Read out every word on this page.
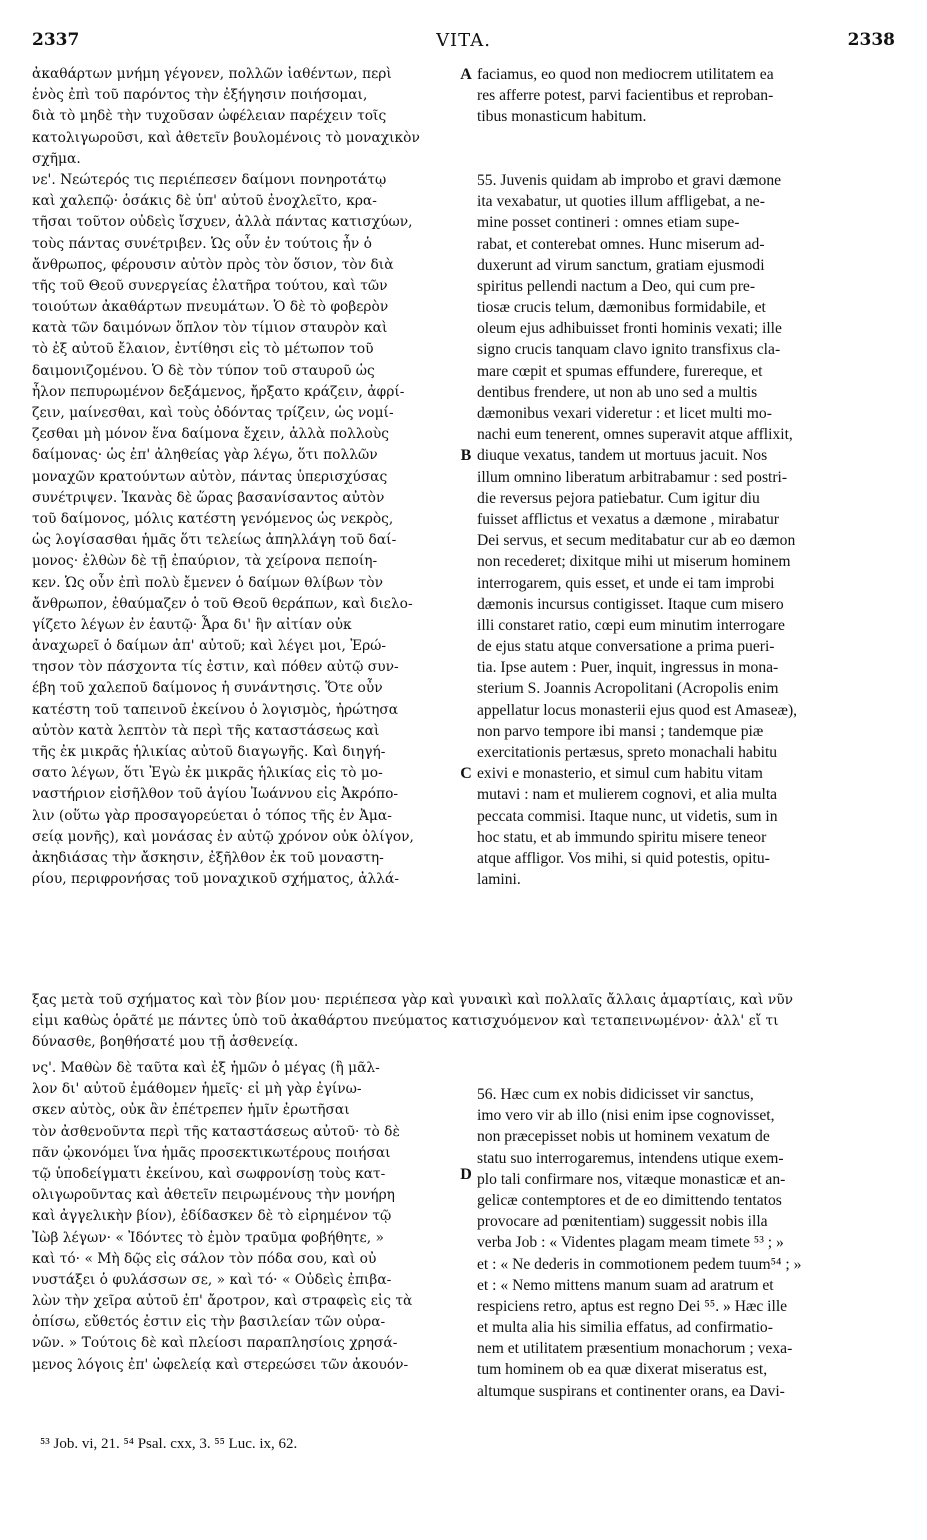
2337	VITA.	2338
ἀκαθάρτων μνήμη γέγονεν, πολλῶν ἰαθέντων, περὶ
ἑνὸς ἐπὶ τοῦ παρόντος τὴν ἐξήγησιν ποιήσομαι,
διὰ τὸ μηδὲ τὴν τυχοῦσαν ὠφέλειαν παρέχειν τοῖς
κατολιγωροῦσι, καὶ ἀθετεῖν βουλομένοις τὸ μοναχικὸν
σχῆμα.
νε'. Νεώτερός τις περιέπεσεν δαίμονι πονηροτάτῳ
καὶ χαλεπῷ· ὁσάκις δὲ ὑπ' αὐτοῦ ἐνοχλεῖτο, κρα-
τῆσαι τοῦτον οὐδεὶς ἴσχυεν, ἀλλὰ πάντας κατισχύων,
τοὺς πάντας συνέτριβεν. Ὡς οὖν ἐν τούτοις ἦν ὁ
ἄνθρωπος, φέρουσιν αὐτὸν πρὸς τὸν ὅσιον, τὸν διὰ
τῆς τοῦ Θεοῦ συνεργείας ἐλατῆρα τούτου, καὶ τῶν
τοιούτων ἀκαθάρτων πνευμάτων. Ὁ δὲ τὸ φοβερὸν
κατὰ τῶν δαιμόνων ὅπλον τὸν τίμιον σταυρὸν καὶ
τὸ ἐξ αὐτοῦ ἔλαιον, ἐντίθησι εἰς τὸ μέτωπον τοῦ
δαιμονιζομένου. Ὁ δὲ τὸν τύπον τοῦ σταυροῦ ὡς
ἧλον πεπυρωμένον δεξάμενος, ἤρξατο κράζειν, ἀφρί-
ζειν, μαίνεσθαι, καὶ τοὺς ὀδόντας τρίζειν, ὡς νομί-
ζεσθαι μὴ μόνον ἕνα δαίμονα ἔχειν, ἀλλὰ πολλοὺς
δαίμονας· ὡς ἐπ' ἀληθείας γὰρ λέγω, ὅτι πολλῶν
μοναχῶν κρατούντων αὐτὸν, πάντας ὑπερισχύσας
συνέτριψεν. Ἱκανὰς δὲ ὥρας βασανίσαντος αὐτὸν
τοῦ δαίμονος, μόλις κατέστη γενόμενος ὡς νεκρὸς,
ὡς λογίσασθαι ἡμᾶς ὅτι τελείως ἀπηλλάγη τοῦ δαί-
μονος· ἐλθὼν δὲ τῇ ἐπαύριον, τὰ χείρονα πεποίη-
κεν. Ὡς οὖν ἐπὶ πολὺ ἔμενεν ὁ δαίμων θλίβων τὸν
ἄνθρωπον, ἐθαύμαζεν ὁ τοῦ Θεοῦ θεράπων, καὶ διελο-
γίζετο λέγων ἐν ἑαυτῷ· Ἆρα δι' ἣν αἰτίαν οὐκ
ἀναχωρεῖ ὁ δαίμων ἀπ' αὐτοῦ; καὶ λέγει μοι, Ἐρώ-
τησον τὸν πάσχοντα τίς ἐστιν, καὶ πόθεν αὐτῷ συν-
έβη τοῦ χαλεποῦ δαίμονος ἡ συνάντησις. Ὅτε οὖν
κατέστη τοῦ ταπεινοῦ ἐκείνου ὁ λογισμὸς, ἠρώτησα
αὐτὸν κατὰ λεπτὸν τὰ περὶ τῆς καταστάσεως καὶ
τῆς ἐκ μικρᾶς ἡλικίας αὐτοῦ διαγωγῆς. Καὶ διηγή-
σατο λέγων, ὅτι Ἐγὼ ἐκ μικρᾶς ἡλικίας εἰς τὸ μο-
ναστήριον εἰσῆλθον τοῦ ἁγίου Ἰωάννου εἰς Ἀκρόπο-
λιν (οὕτω γὰρ προσαγορεύεται ὁ τόπος τῆς ἐν Ἀμα-
σείᾳ μονῆς), καὶ μονάσας ἐν αὐτῷ χρόνον οὐκ ὀλίγον,
ἀκηδιάσας τὴν ἄσκησιν, ἐξῆλθον ἐκ τοῦ μοναστη-
ρίου, περιφρονήσας τοῦ μοναχικοῦ σχήματος, ἀλλά-
faciamus, eo quod non mediocrem utilitatem ea
res afferre potest, parvi facientibus et reproban-
tibus monasticum habitum.
55. Juvenis quidam ab improbo et gravi dæmone
ita vexabatur, ut quoties illum affligebat, a ne-
mine posset contineri : omnes etiam supe-
rabat, et conterebat omnes. Hunc miserum ad-
duxerunt ad virum sanctum, gratiam ejusmodi
spiritus pellendi nactum a Deo, qui cum pre-
tiosæ crucis telum, dæmonibus formidabile, et
oleum ejus adhibuisset fronti hominis vexati; ille
signo crucis tanquam clavo ignito transfixus cla-
mare cœpit et spumas effundere, furereque, et
dentibus frendere, ut non ab uno sed a multis
dæmonibus vexari videretur : et licet multi mo-
nachi eum tenerent, omnes superavit atque afflixit,
diuque vexatus, tandem ut mortuus jacuit. Nos
illum omnino liberatum arbitrabamur : sed postri-
die reversus pejora patiebatur. Cum igitur diu
fuisset afflictus et vexatus a dæmone , mirabatur
Dei servus, et secum meditabatur cur ab eo dæmon
non recederet; dixitque mihi ut miserum hominem
interrogarem, quis esset, et unde ei tam improbi
dæmonis incursus contigisset. Itaque cum misero
illi constaret ratio, cœpi eum minutim interrogare
de ejus statu atque conversatione a prima pueri-
tia. Ipse autem : Puer, inquit, ingressus in mona-
sterium S. Joannis Acropolitani (Acropolis enim
appellatur locus monasterii ejus quod est Amaseæ),
non parvo tempore ibi mansi ; tandemque piæ
exercitationis pertæsus, spreto monachali habitu
exivi e monasterio, et simul cum habitu vitam
mutavi : nam et mulierem cognovi, et alia multa
peccata commisi. Itaque nunc, ut videtis, sum in
hoc statu, et ab immundo spiritu misere teneor
atque affligor. Vos mihi, si quid potestis, opitu-
lamini.
A
B
C
D
ξας μετὰ τοῦ σχήματος καὶ τὸν βίον μου· περιέπεσα γὰρ καὶ γυναικὶ καὶ πολλαῖς ἄλλαις ἁμαρτίαις, καὶ νῦν
εἰμι καθὼς ὁρᾶτέ με πάντες ὑπὸ τοῦ ἀκαθάρτου πνεύματος κατισχυόμενον καὶ τεταπεινωμένον· ἀλλ' εἴ τι
δύνασθε, βοηθήσατέ μου τῇ ἀσθενείᾳ.
νς'. Μαθὼν δὲ ταῦτα καὶ ἐξ ἡμῶν ὁ μέγας (ἢ μᾶλ-
λον δι' αὐτοῦ ἐμάθομεν ἡμεῖς· εἰ μὴ γὰρ ἐγίνω-
σκεν αὐτὸς, οὐκ ἂν ἐπέτρεπεν ἡμῖν ἐρωτῆσαι
τὸν ἀσθενοῦντα περὶ τῆς καταστάσεως αὐτοῦ· τὸ δὲ
πᾶν ᾠκονόμει ἵνα ἡμᾶς προσεκτικωτέρους ποιήσαι
τῷ ὑποδείγματι ἐκείνου, καὶ σωφρονίσῃ τοὺς κατ-
ολιγωροῦντας καὶ ἀθετεῖν πειρωμένους τὴν μονήρη
καὶ ἀγγελικὴν βίον), ἐδίδασκεν δὲ τὸ εἰρημένον τῷ
Ἰὼβ λέγων· « Ἰδόντες τὸ ἐμὸν τραῦμα φοβήθητε, »
καὶ τό· « Μὴ δῷς εἰς σάλον τὸν πόδα σου, καὶ οὐ
νυστάξει ὁ φυλάσσων σε, » καὶ τό· « Οὐδεὶς ἐπιβα-
λὼν τὴν χεῖρα αὐτοῦ ἐπ' ἄροτρον, καὶ στραφεὶς εἰς τὰ
ὀπίσω, εὔθετός ἐστιν εἰς τὴν βασιλείαν τῶν οὐρα-
νῶν. » Τούτοις δὲ καὶ πλείοσι παραπλησίοις χρησά-
μενος λόγοις ἐπ' ὠφελείᾳ καὶ στερεώσει τῶν ἀκουόν-
56. Hæc cum ex nobis didicisset vir sanctus,
imo vero vir ab illo (nisi enim ipse cognovisset,
non præcepisset nobis ut hominem vexatum de
statu suo interrogaremus, intendens utique exem-
plo tali confirmare nos, vitæque monasticæ et an-
gelicæ contemptores et de eo dimittendo tentatos
provocare ad pœnitentiam) suggessit nobis illa
verba Job : « Videntes plagam meam timete ⁵³ ; »
et : « Ne dederis in commotionem pedem tuum⁵⁴ ; »
et : « Nemo mittens manum suam ad aratrum et
respiciens retro, aptus est regno Dei ⁵⁵. » Hæc ille
et multa alia his similia effatus, ad confirmatio-
nem et utilitatem præsentium monachorum ; vexa-
tum hominem ob ea quæ dixerat miseratus est,
altumque suspirans et continenter orans, ea Davi-
⁵³ Job. vi, 21. ⁵⁴ Psal. cxx, 3. ⁵⁵ Luc. ix, 62.
